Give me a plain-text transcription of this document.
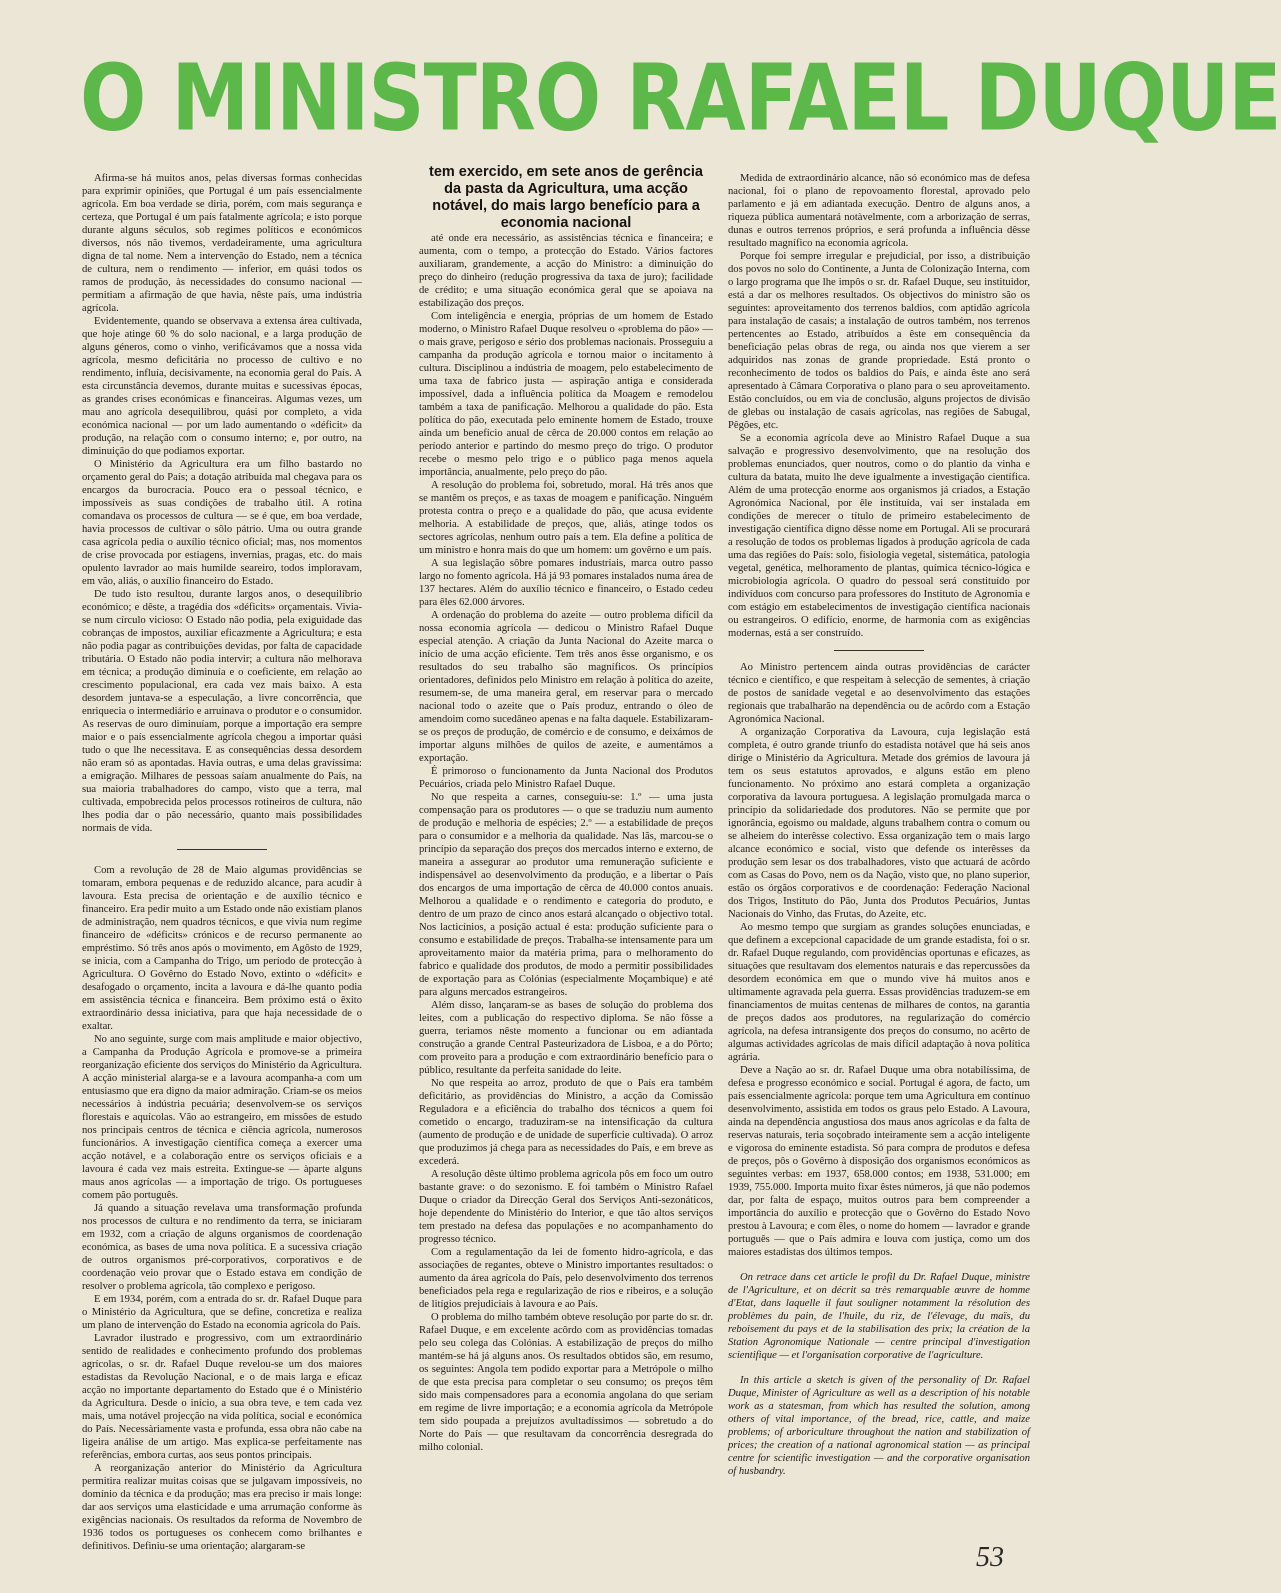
O MINISTRO RAFAEL DUQUE

Afirma-se há muitos anos, pelas diversas formas conhecidas para exprimir opiniões, que Portugal é um país essencialmente agrícola. Em boa verdade se diria, porém, com mais segurança e certeza, que Portugal é um país fatalmente agrícola; e isto porque durante alguns séculos, sob regimes políticos e económicos diversos, nós não tivemos, verdadeiramente, uma agricultura digna de tal nome. Nem a intervenção do Estado, nem a técnica de cultura, nem o rendimento — inferior, em quási todos os ramos de produção, às necessidades do consumo nacional — permitiam a afirmação de que havia, nêste país, uma indústria agrícola.

Evidentemente, quando se observava a extensa área cultivada, que hoje atinge 60 % do solo nacional, e a larga produção de alguns géneros, como o vinho, verificávamos que a nossa vida agrícola, mesmo deficitária no processo de cultivo e no rendimento, influía, decisivamente, na economia geral do País. A esta circunstância devemos, durante muitas e sucessivas épocas, as grandes crises económicas e financeiras. Algumas vezes, um mau ano agrícola desequilibrou, quási por completo, a vida económica nacional — por um lado aumentando o «déficit» da produção, na relação com o consumo interno; e, por outro, na diminuição do que podiamos exportar.

O Ministério da Agricultura era um filho bastardo no orçamento geral do País; a dotação atribuída mal chegava para os encargos da burocracia. Pouco era o pessoal técnico, e impossíveis as suas condições de trabalho útil. A rotina comandava os processos de cultura — se é que, em boa verdade, havia processos de cultivar o sôlo pátrio. Uma ou outra grande casa agrícola pedia o auxílio técnico oficial; mas, nos momentos de crise provocada por estiagens, invernias, pragas, etc. do mais opulento lavrador ao mais humilde seareiro, todos imploravam, em vão, aliás, o auxílio financeiro do Estado.

De tudo isto resultou, durante largos anos, o desequilíbrio económico; e dêste, a tragédia dos «déficits» orçamentais. Vivia-se num círculo vicioso: O Estado não podia, pela exiguidade das cobranças de impostos, auxiliar eficazmente a Agricultura; e esta não podia pagar as contribuições devidas, por falta de capacidade tributária. O Estado não podia intervir; a cultura não melhorava em técnica; a produção diminuía e o coeficiente, em relação ao crescimento populacional, era cada vez mais baixo. A esta desordem juntava-se a especulação, a livre concorrência, que enriquecia o intermediário e arruinava o produtor e o consumidor. As reservas de ouro diminuíam, porque a importação era sempre maior e o país essencialmente agrícola chegou a importar quási tudo o que lhe necessitava. E as consequências dessa desordem não eram só as apontadas. Havia outras, e uma delas gravíssima: a emigração. Milhares de pessoas saíam anualmente do País, na sua maioria trabalhadores do campo, visto que a terra, mal cultivada, empobrecida pelos processos rotineiros de cultura, não lhes podia dar o pão necessário, quanto mais possibilidades normais de vida.

Com a revolução de 28 de Maio algumas providências se tomaram, embora pequenas e de reduzido alcance, para acudir à lavoura. Esta precisa de orientação e de auxílio técnico e financeiro. Era pedir muito a um Estado onde não existiam planos de administração, nem quadros técnicos, e que vivia num regime financeiro de «déficits» crónicos e de recurso permanente ao empréstimo. Só três anos após o movimento, em Agôsto de 1929, se inicia, com a Campanha do Trigo, um período de protecção à Agricultura. O Govêrno do Estado Novo, extinto o «déficit» e desafogado o orçamento, incita a lavoura e dá-lhe quanto podia em assistência técnica e financeira. Bem próximo está o êxito extraordinário dessa iniciativa, para que haja necessidade de o exaltar.

No ano seguinte, surge com mais amplitude e maior objectivo, a Campanha da Produção Agrícola e promove-se a primeira reorganização eficiente dos serviços do Ministério da Agricultura. A acção ministerial alarga-se e a lavoura acompanha-a com um entusiasmo que era digno da maior admiração. Criam-se os meios necessários à indústria pecuária; desenvolvem-se os serviços florestais e aquícolas. Vão ao estrangeiro, em missões de estudo nos principais centros de técnica e ciência agrícola, numerosos funcionários. A investigação científica começa a exercer uma acção notável, e a colaboração entre os serviços oficiais e a lavoura é cada vez mais estreita. Extingue-se — àparte alguns maus anos agrícolas — a importação de trigo. Os portugueses comem pão português.

Já quando a situação revelava uma transformação profunda nos processos de cultura e no rendimento da terra, se iniciaram em 1932, com a criação de alguns organismos de coordenação económica, as bases de uma nova política. E a sucessiva criação de outros organismos pré-corporativos, corporativos e de coordenação veio provar que o Estado estava em condição de resolver o problema agrícola, tão complexo e perigoso.

E em 1934, porém, com a entrada do sr. dr. Rafael Duque para o Ministério da Agricultura, que se define, concretiza e realiza um plano de intervenção do Estado na economia agrícola do País.

Lavrador ilustrado e progressivo, com um extraordinário sentido de realidades e conhecimento profundo dos problemas agrícolas, o sr. dr. Rafael Duque revelou-se um dos maiores estadistas da Revolução Nacional, e o de mais larga e eficaz acção no importante departamento do Estado que é o Ministério da Agricultura. Desde o início, a sua obra teve, e tem cada vez mais, uma notável projecção na vida política, social e económica do País. Necessàriamente vasta e profunda, essa obra não cabe na ligeira análise de um artigo. Mas explica-se perfeitamente nas referências, embora curtas, aos seus pontos principais.

A reorganização anterior do Ministério da Agricultura permitira realizar muitas coisas que se julgavam impossíveis, no domínio da técnica e da produção; mas era preciso ir mais longe: dar aos serviços uma elasticidade e uma arrumação conforme às exigências nacionais. Os resultados da reforma de Novembro de 1936 todos os portugueses os conhecem como brilhantes e definitivos. Definiu-se uma orientação; alargaram-se

tem exercido, em sete anos de gerência da pasta da Agricultura, uma acção notável, do mais largo benefício para a economia nacional

até onde era necessário, as assistências técnica e financeira; e aumenta, com o tempo, a protecção do Estado. Vários factores auxiliaram, grandemente, a acção do Ministro: a diminuição do preço do dinheiro (redução progressiva da taxa de juro); facilidade de crédito; e uma situação económica geral que se apoiava na estabilização dos preços.

Com inteligência e energia, próprias de um homem de Estado moderno, o Ministro Rafael Duque resolveu o «problema do pão» — o mais grave, perigoso e sério dos problemas nacionais. Prosseguiu a campanha da produção agrícola e tornou maior o incitamento à cultura. Disciplinou a indústria de moagem, pelo estabelecimento de uma taxa de fabrico justa — aspiração antiga e considerada impossível, dada a influência política da Moagem e remodelou também a taxa de panificação. Melhorou a qualidade do pão. Esta política do pão, executada pelo eminente homem de Estado, trouxe ainda um benefício anual de cêrca de 20.000 contos em relação ao período anterior e partindo do mesmo preço do trigo. O produtor recebe o mesmo pelo trigo e o público paga menos aquela importância, anualmente, pelo preço do pão.

A resolução do problema foi, sobretudo, moral. Há três anos que se mantêm os preços, e as taxas de moagem e panificação. Ninguém protesta contra o preço e a qualidade do pão, que acusa evidente melhoria. A estabilidade de preços, que, aliás, atinge todos os sectores agrícolas, nenhum outro país a tem. Ela define a política de um ministro e honra mais do que um homem: um govêrno e um país.

A sua legislação sôbre pomares industriais, marca outro passo largo no fomento agrícola. Há já 93 pomares instalados numa área de 137 hectares. Além do auxílio técnico e financeiro, o Estado cedeu para êles 62.000 árvores.

A ordenação do problema do azeite — outro problema difícil da nossa economia agrícola — dedicou o Ministro Rafael Duque especial atenção. A criação da Junta Nacional do Azeite marca o início de uma acção eficiente. Tem três anos êsse organismo, e os resultados do seu trabalho são magníficos. Os princípios orientadores, definidos pelo Ministro em relação à política do azeite, resumem-se, de uma maneira geral, em reservar para o mercado nacional todo o azeite que o País produz, entrando o óleo de amendoim como sucedâneo apenas e na falta daquele. Estabilizaram-se os preços de produção, de comércio e de consumo, e deixámos de importar alguns milhões de quilos de azeite, e aumentámos a exportação.

É primoroso o funcionamento da Junta Nacional dos Produtos Pecuários, criada pelo Ministro Rafael Duque.

No que respeita a carnes, conseguiu-se: 1.º — uma justa compensação para os produtores — o que se traduziu num aumento de produção e melhoria de espécies; 2.º — a estabilidade de preços para o consumidor e a melhoria da qualidade. Nas lãs, marcou-se o princípio da separação dos preços dos mercados interno e externo, de maneira a assegurar ao produtor uma remuneração suficiente e indispensável ao desenvolvimento da produção, e a libertar o País dos encargos de uma importação de cêrca de 40.000 contos anuais. Melhorou a qualidade e o rendimento e categoria do produto, e dentro de um prazo de cinco anos estará alcançado o objectivo total. Nos lacticínios, a posição actual é esta: produção suficiente para o consumo e estabilidade de preços. Trabalha-se intensamente para um aproveitamento maior da matéria prima, para o melhoramento do fabrico e qualidade dos produtos, de modo a permitir possibilidades de exportação para as Colónias (especialmente Moçambique) e até para alguns mercados estrangeiros.

Além disso, lançaram-se as bases de solução do problema dos leites, com a publicação do respectivo diploma. Se não fôsse a guerra, teriamos nêste momento a funcionar ou em adiantada construção a grande Central Pasteurizadora de Lisboa, e a do Pôrto; com proveito para a produção e com extraordinário benefício para o público, resultante da perfeita sanidade do leite.

No que respeita ao arroz, produto de que o País era também deficitário, as providências do Ministro, a acção da Comissão Reguladora e a eficiência do trabalho dos técnicos a quem foi cometido o encargo, traduziram-se na intensificação da cultura (aumento de produção e de unidade de superfície cultivada). O arroz que produzimos já chega para as necessidades do País, e em breve as excederá.

A resolução dêste último problema agrícola pôs em foco um outro bastante grave: o do sezonismo. E foi também o Ministro Rafael Duque o criador da Direcção Geral dos Serviços Anti-sezonáticos, hoje dependente do Ministério do Interior, e que tão altos serviços tem prestado na defesa das populações e no acompanhamento do progresso técnico.

Com a regulamentação da lei de fomento hidro-agrícola, e das associações de regantes, obteve o Ministro importantes resultados: o aumento da área agrícola do País, pelo desenvolvimento dos terrenos beneficiados pela rega e regularização de rios e ribeiros, e a solução de litígios prejudiciais à lavoura e ao País.

O problema do milho também obteve resolução por parte do sr. dr. Rafael Duque, e em excelente acôrdo com as providências tomadas pelo seu colega das Colónias. A estabilização de preços do milho mantém-se há já alguns anos. Os resultados obtidos são, em resumo, os seguintes: Angola tem podido exportar para a Metrópole o milho de que esta precisa para completar o seu consumo; os preços têm sido mais compensadores para a economia angolana do que seriam em regime de livre importação; e a economia agrícola da Metrópole tem sido poupada a prejuízos avultadíssimos — sobretudo a do Norte do País — que resultavam da concorrência desregrada do milho colonial.

Medida de extraordinário alcance, não só económico mas de defesa nacional, foi o plano de repovoamento florestal, aprovado pelo parlamento e já em adiantada execução. Dentro de alguns anos, a riqueza pública aumentará notàvelmente, com a arborização de serras, dunas e outros terrenos próprios, e será profunda a influência dêsse resultado magnífico na economia agrícola.

Porque foi sempre irregular e prejudicial, por isso, a distribuição dos povos no solo do Continente, a Junta de Colonização Interna, com o largo programa que lhe impôs o sr. dr. Rafael Duque, seu instituidor, está a dar os melhores resultados. Os objectivos do ministro são os seguintes: aproveitamento dos terrenos baldios, com aptidão agrícola para instalação de casais; a instalação de outros também, nos terrenos pertencentes ao Estado, atribuídos a êste em consequência da beneficiação pelas obras de rega, ou ainda nos que vierem a ser adquiridos nas zonas de grande propriedade. Está pronto o reconhecimento de todos os baldios do País, e ainda êste ano será apresentado à Câmara Corporativa o plano para o seu aproveitamento. Estão concluídos, ou em via de conclusão, alguns projectos de divisão de glebas ou instalação de casais agrícolas, nas regiões de Sabugal, Pêgões, etc.

Se a economia agrícola deve ao Ministro Rafael Duque a sua salvação e progressivo desenvolvimento, que na resolução dos problemas enunciados, quer noutros, como o do plantio da vinha e cultura da batata, muito lhe deve igualmente a investigação científica. Além de uma protecção enorme aos organismos já criados, a Estação Agronómica Nacional, por êle instituída, vai ser instalada em condições de merecer o título de primeiro estabelecimento de investigação científica digno dêsse nome em Portugal. Ali se procurará a resolução de todos os problemas ligados à produção agrícola de cada uma das regiões do País: solo, fisiologia vegetal, sistemática, patologia vegetal, genética, melhoramento de plantas, química técnico-lógica e microbiologia agrícola. O quadro do pessoal será constituído por indivíduos com concurso para professores do Instituto de Agronomia e com estágio em estabelecimentos de investigação científica nacionais ou estrangeiros. O edifício, enorme, de harmonia com as exigências modernas, está a ser construído.

Ao Ministro pertencem ainda outras providências de carácter técnico e científico, e que respeitam à selecção de sementes, à criação de postos de sanidade vegetal e ao desenvolvimento das estações regionais que trabalharão na dependência ou de acôrdo com a Estação Agronómica Nacional.

A organização Corporativa da Lavoura, cuja legislação está completa, é outro grande triunfo do estadista notável que há seis anos dirige o Ministério da Agricultura. Metade dos grémios de lavoura já tem os seus estatutos aprovados, e alguns estão em pleno funcionamento. No próximo ano estará completa a organização corporativa da lavoura portuguesa. A legislação promulgada marca o princípio da solidariedade dos produtores. Não se permite que por ignorância, egoismo ou maldade, alguns trabalhem contra o comum ou se alheiem do interêsse colectivo. Essa organização tem o mais largo alcance económico e social, visto que defende os interêsses da produção sem lesar os dos trabalhadores, visto que actuará de acôrdo com as Casas do Povo, nem os da Nação, visto que, no plano superior, estão os órgãos corporativos e de coordenação: Federação Nacional dos Trigos, Instituto do Pão, Junta dos Produtos Pecuários, Juntas Nacionais do Vinho, das Frutas, do Azeite, etc.

Ao mesmo tempo que surgiam as grandes soluções enunciadas, e que definem a excepcional capacidade de um grande estadista, foi o sr. dr. Rafael Duque regulando, com providências oportunas e eficazes, as situações que resultavam dos elementos naturais e das repercussões da desordem económica em que o mundo vive há muitos anos e ultimamente agravada pela guerra. Essas providências traduzem-se em financiamentos de muitas centenas de milhares de contos, na garantia de preços dados aos produtores, na regularização do comércio agrícola, na defesa intransigente dos preços do consumo, no acêrto de algumas actividades agrícolas de mais difícil adaptação à nova política agrária.

Deve a Nação ao sr. dr. Rafael Duque uma obra notabilíssima, de defesa e progresso económico e social. Portugal é agora, de facto, um país essencialmente agrícola: porque tem uma Agricultura em contínuo desenvolvimento, assistida em todos os graus pelo Estado. A Lavoura, ainda na dependência angustiosa dos maus anos agrícolas e da falta de reservas naturais, teria soçobrado inteiramente sem a acção inteligente e vigorosa do eminente estadista. Só para compra de produtos e defesa de preços, pôs o Govêrno à disposição dos organismos económicos as seguintes verbas: em 1937, 658.000 contos; em 1938, 531.000; em 1939, 755.000. Importa muito fixar êstes números, já que não podemos dar, por falta de espaço, muitos outros para bem compreender a importância do auxílio e protecção que o Govêrno do Estado Novo prestou à Lavoura; e com êles, o nome do homem — lavrador e grande português — que o País admira e louva com justiça, como um dos maiores estadistas dos últimos tempos.

On retrace dans cet article le profil du Dr. Rafael Duque, ministre de l'Agriculture, et on décrit sa très remarquable œuvre de homme d'Etat, dans laquelle il faut souligner notamment la résolution des problèmes du pain, de l'huile, du riz, de l'élevage, du maïs, du reboisement du pays et de la stabilisation des prix; la création de la Station Agronomique Nationale — centre principal d'investigation scientifique — et l'organisation corporative de l'agriculture.

In this article a sketch is given of the personality of Dr. Rafael Duque, Minister of Agriculture as well as a description of his notable work as a statesman, from which has resulted the solution, among others of vital importance, of the bread, rice, cattle, and maize problems; of arboriculture throughout the nation and stabilization of prices; the creation of a national agronomical station — as principal centre for scientific investigation — and the corporative organisation of husbandry.

53
